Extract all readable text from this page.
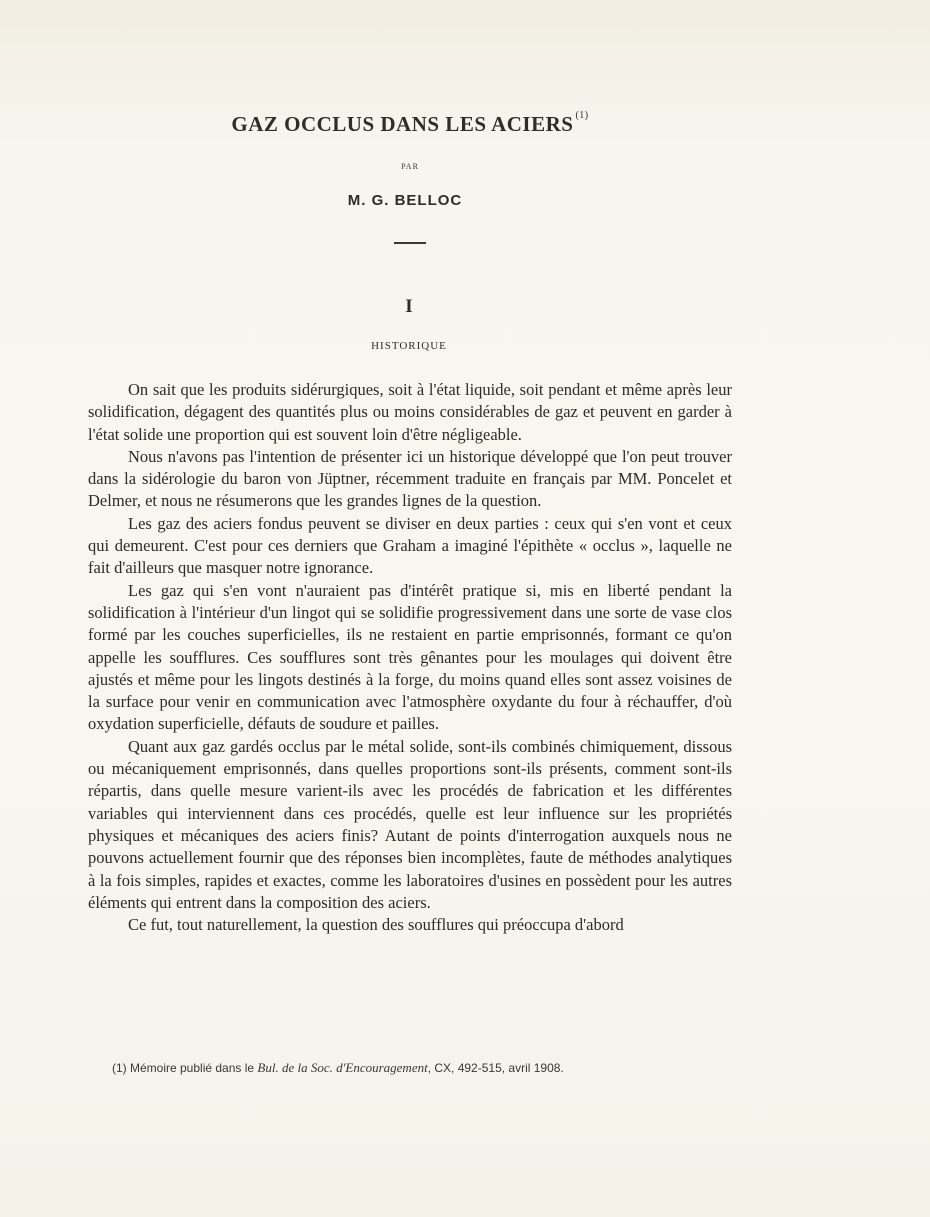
GAZ OCCLUS DANS LES ACIERS $^{(1)}$
PAR
M. G. BELLOC
I
HISTORIQUE

On sait que les produits sidérurgiques, soit à l'état liquide, soit pendant et même après leur solidification, dégagent des quantités plus ou moins considérables de gaz et peuvent en garder à l'état solide une proportion qui est souvent loin d'être négligeable.

Nous n'avons pas l'intention de présenter ici un historique développé que l'on peut trouver dans la sidérologie du baron von Jüptner, récemment traduite en français par MM. Poncelet et Delmer, et nous ne résumerons que les grandes lignes de la question.

Les gaz des aciers fondus peuvent se diviser en deux parties : ceux qui s'en vont et ceux qui demeurent. C'est pour ces derniers que Graham a imaginé l'épithète « occlus », laquelle ne fait d'ailleurs que masquer notre ignorance.

Les gaz qui s'en vont n'auraient pas d'intérêt pratique si, mis en liberté pendant la solidification à l'intérieur d'un lingot qui se solidifie progressivement dans une sorte de vase clos formé par les couches superficielles, ils ne restaient en partie emprisonnés, formant ce qu'on appelle les soufflures. Ces soufflures sont très gênantes pour les moulages qui doivent être ajustés et même pour les lingots destinés à la forge, du moins quand elles sont assez voisines de la surface pour venir en communication avec l'atmosphère oxydante du four à réchauffer, d'où oxydation superficielle, défauts de soudure et pailles.

Quant aux gaz gardés occlus par le métal solide, sont-ils combinés chimiquement, dissous ou mécaniquement emprisonnés, dans quelles proportions sont-ils présents, comment sont-ils répartis, dans quelle mesure varient-ils avec les procédés de fabrication et les différentes variables qui interviennent dans ces procédés, quelle est leur influence sur les propriétés physiques et mécaniques des aciers finis? Autant de points d'interrogation auxquels nous ne pouvons actuellement fournir que des réponses bien incomplètes, faute de méthodes analytiques à la fois simples, rapides et exactes, comme les laboratoires d'usines en possèdent pour les autres éléments qui entrent dans la composition des aciers.

Ce fut, tout naturellement, la question des soufflures qui préoccupa d'abord

(1) Mémoire publié dans le Bul. de la Soc. d'Encouragement, CX, 492-515, avril 1908.
